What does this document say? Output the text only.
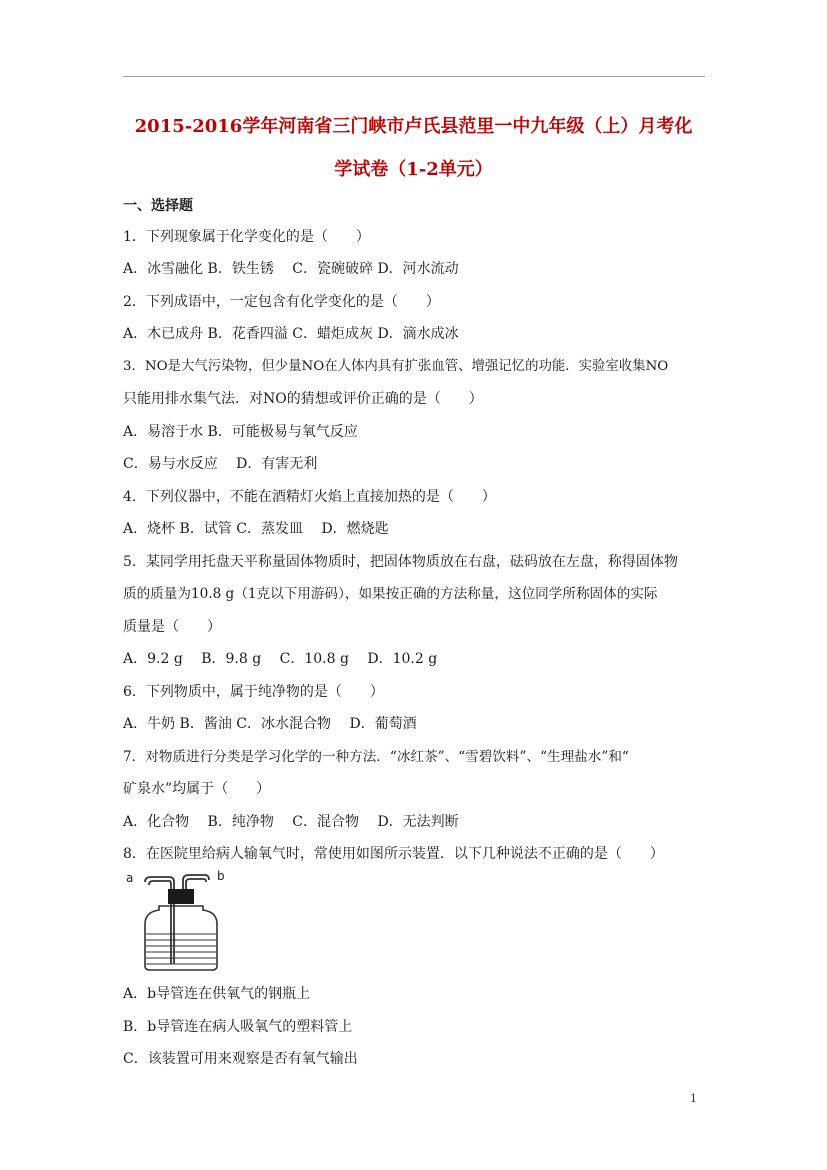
2015-2016学年河南省三门峡市卢氏县范里一中九年级（上）月考化
学试卷（1-2单元）
一、选择题
1．下列现象属于化学变化的是（　　）
A．冰雪融化 B．铁生锈　 C．瓷碗破碎 D．河水流动
2．下列成语中，一定包含有化学变化的是（　　）
A．木已成舟 B．花香四溢 C．蜡炬成灰 D．滴水成冰
3．NO是大气污染物，但少量NO在人体内具有扩张血管、增强记忆的功能．实验室收集NO
只能用排水集气法．对NO的猜想或评价正确的是（　　）
A．易溶于水 B．可能极易与氧气反应
C．易与水反应　 D．有害无利
4．下列仪器中，不能在酒精灯火焰上直接加热的是（　　）
A．烧杯 B．试管 C．蒸发皿　 D．燃烧匙
5．某同学用托盘天平称量固体物质时，把固体物质放在右盘，砝码放在左盘，称得固体物
质的质量为10.8 g（1克以下用游码），如果按正确的方法称量，这位同学所称固体的实际
质量是（　　）
A．9.2 g　 B．9.8 g　 C．10.8 g　 D．10.2 g
6．下列物质中，属于纯净物的是（　　）
A．牛奶 B．酱油 C．冰水混合物　 D．葡萄酒
7．对物质进行分类是学习化学的一种方法．“冰红茶”、“雪碧饮料”、“生理盐水”和“
矿泉水”均属于（　　）
A．化合物　 B．纯净物　 C．混合物　 D．无法判断
8．在医院里给病人输氧气时，常使用如图所示装置．以下几种说法不正确的是（　　）
a	b
A．b导管连在供氧气的钢瓶上
B．b导管连在病人吸氧气的塑料管上
C．该装置可用来观察是否有氧气输出
1
